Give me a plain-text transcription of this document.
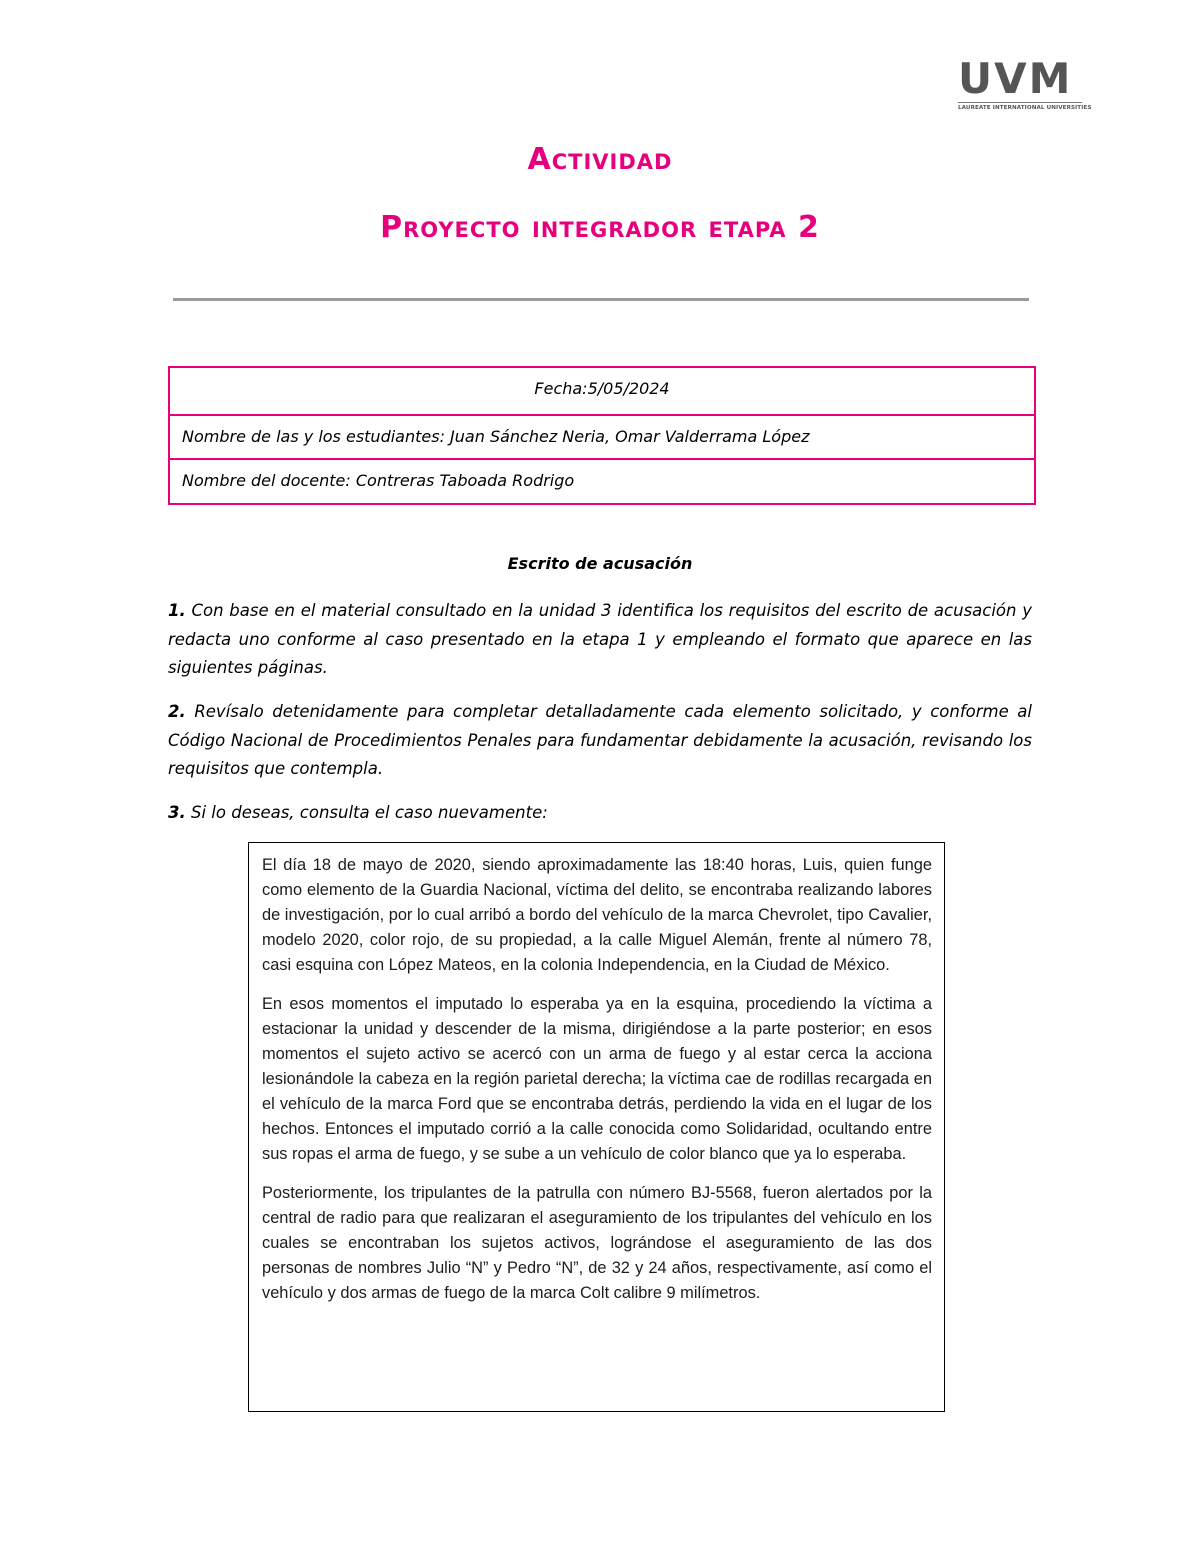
UVM
LAUREATE INTERNATIONAL UNIVERSITIES
Actividad
Proyecto integrador etapa 2
Fecha:5/05/2024
Nombre de las y los estudiantes: Juan Sánchez Neria, Omar Valderrama López
Nombre del docente: Contreras Taboada Rodrigo
Escrito de acusación

1. Con base en el material consultado en la unidad 3 identifica los requisitos del escrito de acusación y redacta uno conforme al caso presentado en la etapa 1 y empleando el formato que aparece en las siguientes páginas.

2. Revísalo detenidamente para completar detalladamente cada elemento solicitado, y conforme al Código Nacional de Procedimientos Penales para fundamentar debidamente la acusación, revisando los requisitos que contempla.

3. Si lo deseas, consulta el caso nuevamente:

El día 18 de mayo de 2020, siendo aproximadamente las 18:40 horas, Luis, quien funge como elemento de la Guardia Nacional, víctima del delito, se encontraba realizando labores de investigación, por lo cual arribó a bordo del vehículo de la marca Chevrolet, tipo Cavalier, modelo 2020, color rojo, de su propiedad, a la calle Miguel Alemán, frente al número 78, casi esquina con López Mateos, en la colonia Independencia, en la Ciudad de México.

En esos momentos el imputado lo esperaba ya en la esquina, procediendo la víctima a estacionar la unidad y descender de la misma, dirigiéndose a la parte posterior; en esos momentos el sujeto activo se acercó con un arma de fuego y al estar cerca la acciona lesionándole la cabeza en la región parietal derecha; la víctima cae de rodillas recargada en el vehículo de la marca Ford que se encontraba detrás, perdiendo la vida en el lugar de los hechos. Entonces el imputado corrió a la calle conocida como Solidaridad, ocultando entre sus ropas el arma de fuego, y se sube a un vehículo de color blanco que ya lo esperaba.

Posteriormente, los tripulantes de la patrulla con número BJ-5568, fueron alertados por la central de radio para que realizaran el aseguramiento de los tripulantes del vehículo en los cuales se encontraban los sujetos activos, lográndose el aseguramiento de las dos personas de nombres Julio “N” y Pedro “N”, de 32 y 24 años, respectivamente, así como el vehículo y dos armas de fuego de la marca Colt calibre 9 milímetros.
